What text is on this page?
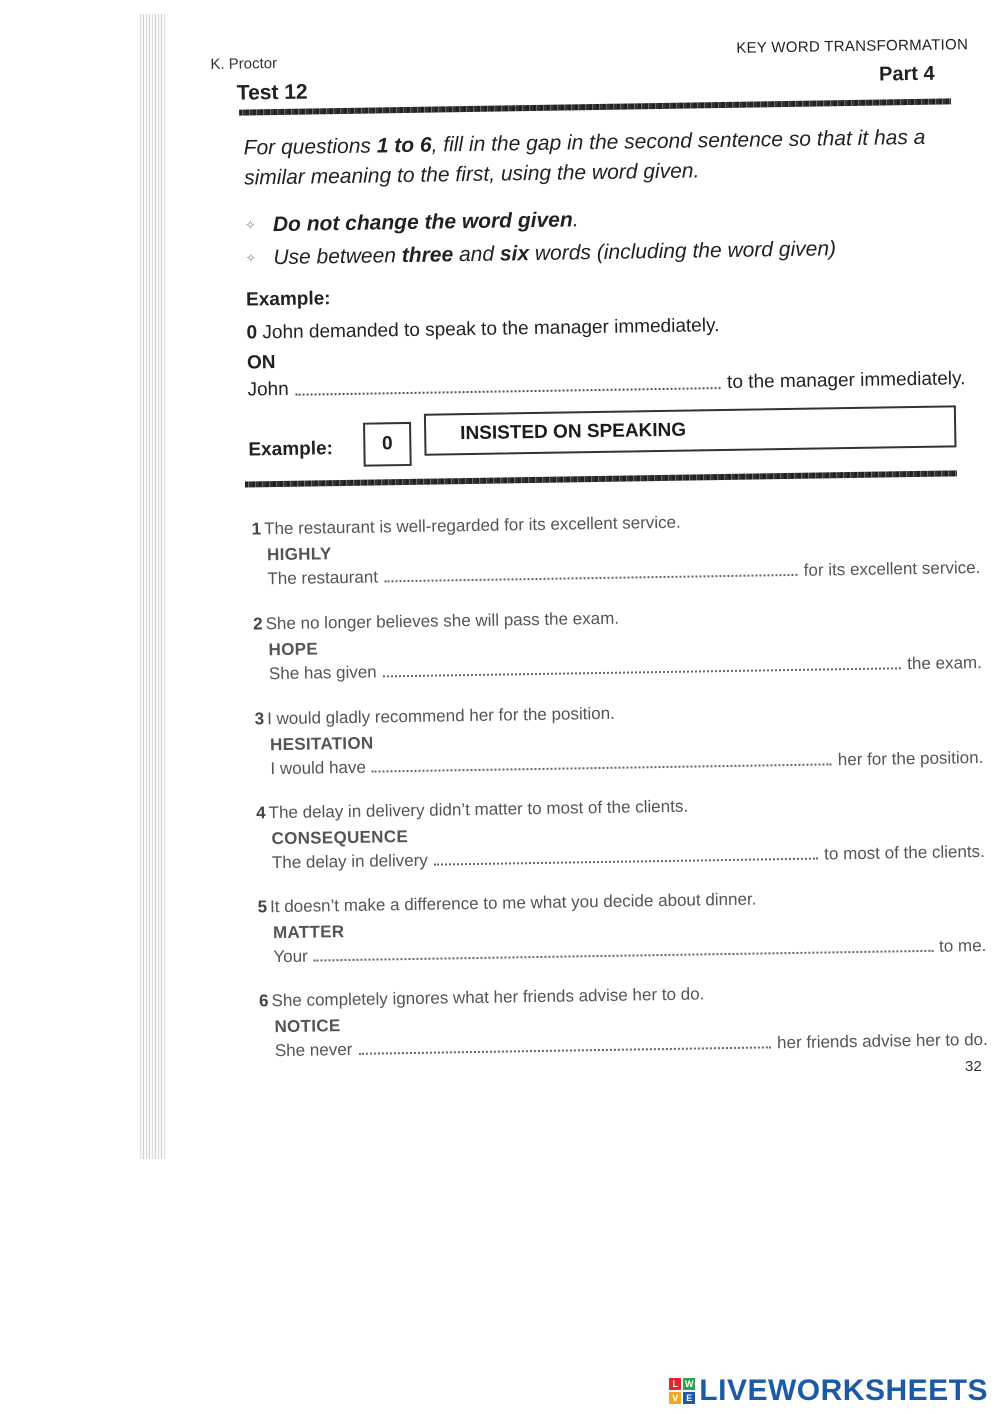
K. Proctor
KEY WORD TRANSFORMATION
Test 12
Part 4
For questions 1 to 6, fill in the gap in the second sentence so that it has a similar meaning to the first, using the word given.
✧ Do not change the word given.
✧ Use between three and six words (including the word given)
Example:
0 John demanded to speak to the manager immediately.
ON
John	to the manager immediately.
Example:	0	INSISTED ON SPEAKING
1 The restaurant is well-regarded for its excellent service.
HIGHLY
The restaurant	for its excellent service.
2 She no longer believes she will pass the exam.
HOPE
She has given	the exam.
3 I would gladly recommend her for the position.
HESITATION
I would have	her for the position.
4 The delay in delivery didn’t matter to most of the clients.
CONSEQUENCE
The delay in delivery	to most of the clients.
5 It doesn’t make a difference to me what you decide about dinner.
MATTER
Your
to me.
6 She completely ignores what her friends advise her to do.
NOTICE
She never	her friends advise her to do.
32
L W
V E LIVEWORKSHEETS
